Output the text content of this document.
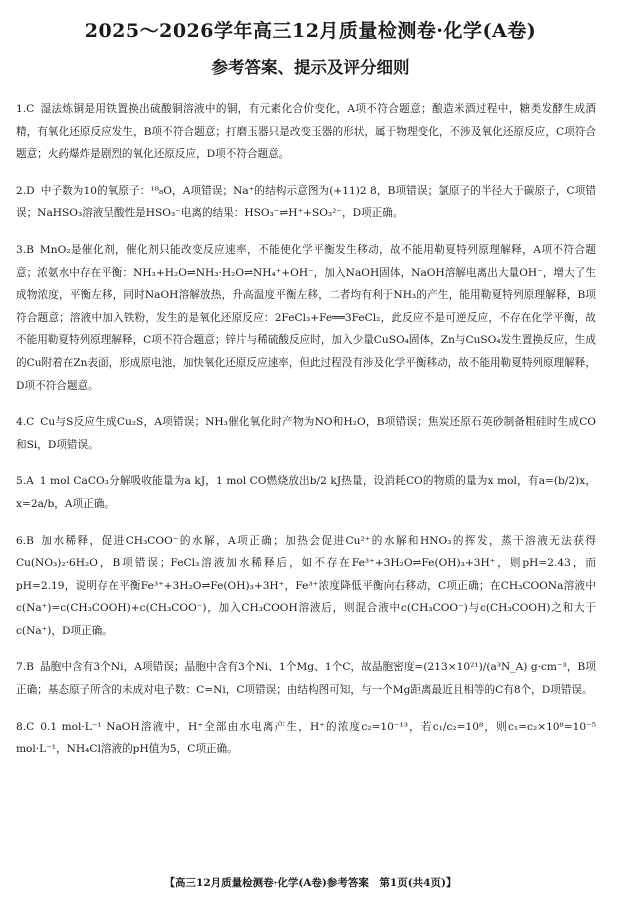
2025～2026学年高三12月质量检测卷·化学(A卷)
参考答案、提示及评分细则

1.C 湿法炼铜是用铁置换出硫酸铜溶液中的铜，有元素化合价变化，A项不符合题意；酿造米酒过程中，糖类发酵生成酒精，有氧化还原反应发生，B项不符合题意；打磨玉器只是改变玉器的形状，属于物理变化，不涉及氧化还原反应，C项符合题意；火药爆炸是剧烈的氧化还原反应，D项不符合题意。

2.D 中子数为10的氧原子：¹⁸₈O，A项错误；Na⁺的结构示意图为(+11)2 8，B项错误；氯原子的半径大于碳原子，C项错误；NaHSO₃溶液呈酸性是HSO₃⁻电离的结果：HSO₃⁻⇌H⁺+SO₃²⁻，D项正确。

3.B MnO₂是催化剂，催化剂只能改变反应速率，不能使化学平衡发生移动，故不能用勒夏特列原理解释，A项不符合题意；浓氨水中存在平衡：NH₃+H₂O⇌NH₃·H₂O⇌NH₄⁺+OH⁻，加入NaOH固体，NaOH溶解电离出大量OH⁻，增大了生成物浓度，平衡左移，同时NaOH溶解放热，升高温度平衡左移，二者均有利于NH₃的产生，能用勒夏特列原理解释，B项符合题意；溶液中加入铁粉，发生的是氧化还原反应：2FeCl₃+Fe══3FeCl₂，此反应不是可逆反应，不存在化学平衡，故不能用勒夏特列原理解释，C项不符合题意；锌片与稀硫酸反应时，加入少量CuSO₄固体，Zn与CuSO₄发生置换反应，生成的Cu附着在Zn表面，形成原电池，加快氧化还原反应速率，但此过程没有涉及化学平衡移动，故不能用勒夏特列原理解释，D项不符合题意。

4.C Cu与S反应生成Cu₂S，A项错误；NH₃催化氧化时产物为NO和H₂O，B项错误；焦炭还原石英砂制备粗硅时生成CO和Si，D项错误。

5.A 1 mol CaCO₃分解吸收能量为a kJ，1 mol CO燃烧放出b/2 kJ热量，设消耗CO的物质的量为x mol，有a=(b/2)x，x=2a/b，A项正确。

6.B 加水稀释，促进CH₃COO⁻的水解，A项正确；加热会促进Cu²⁺的水解和HNO₃的挥发，蒸干溶液无法获得Cu(NO₃)₂·6H₂O，B项错误；FeCl₃溶液加水稀释后，如不存在Fe³⁺+3H₂O⇌Fe(OH)₃+3H⁺，则pH=2.43，而pH=2.19，说明存在平衡Fe³⁺+3H₂O⇌Fe(OH)₃+3H⁺，Fe³⁺浓度降低平衡向右移动，C项正确；在CH₃COONa溶液中c(Na⁺)=c(CH₃COOH)+c(CH₃COO⁻)，加入CH₃COOH溶液后，则混合液中c(CH₃COO⁻)与c(CH₃COOH)之和大于c(Na⁺)，D项正确。

7.B 晶胞中含有3个Ni，A项错误；晶胞中含有3个Ni、1个Mg、1个C，故晶胞密度=(213×10²¹)/(a³N_A) g·cm⁻³，B项正确；基态原子所含的未成对电子数：C=Ni，C项错误；由结构图可知，与一个Mg距离最近且相等的C有8个，D项错误。

8.C 0.1 mol·L⁻¹ NaOH溶液中，H⁺全部由水电离产生，H⁺的浓度c₂=10⁻¹³，若c₁/c₂=10⁸，则c₁=c₂×10⁸=10⁻⁵ mol·L⁻¹，NH₄Cl溶液的pH值为5，C项正确。

【高三12月质量检测卷·化学(A卷)参考答案　第1页(共4页)】
